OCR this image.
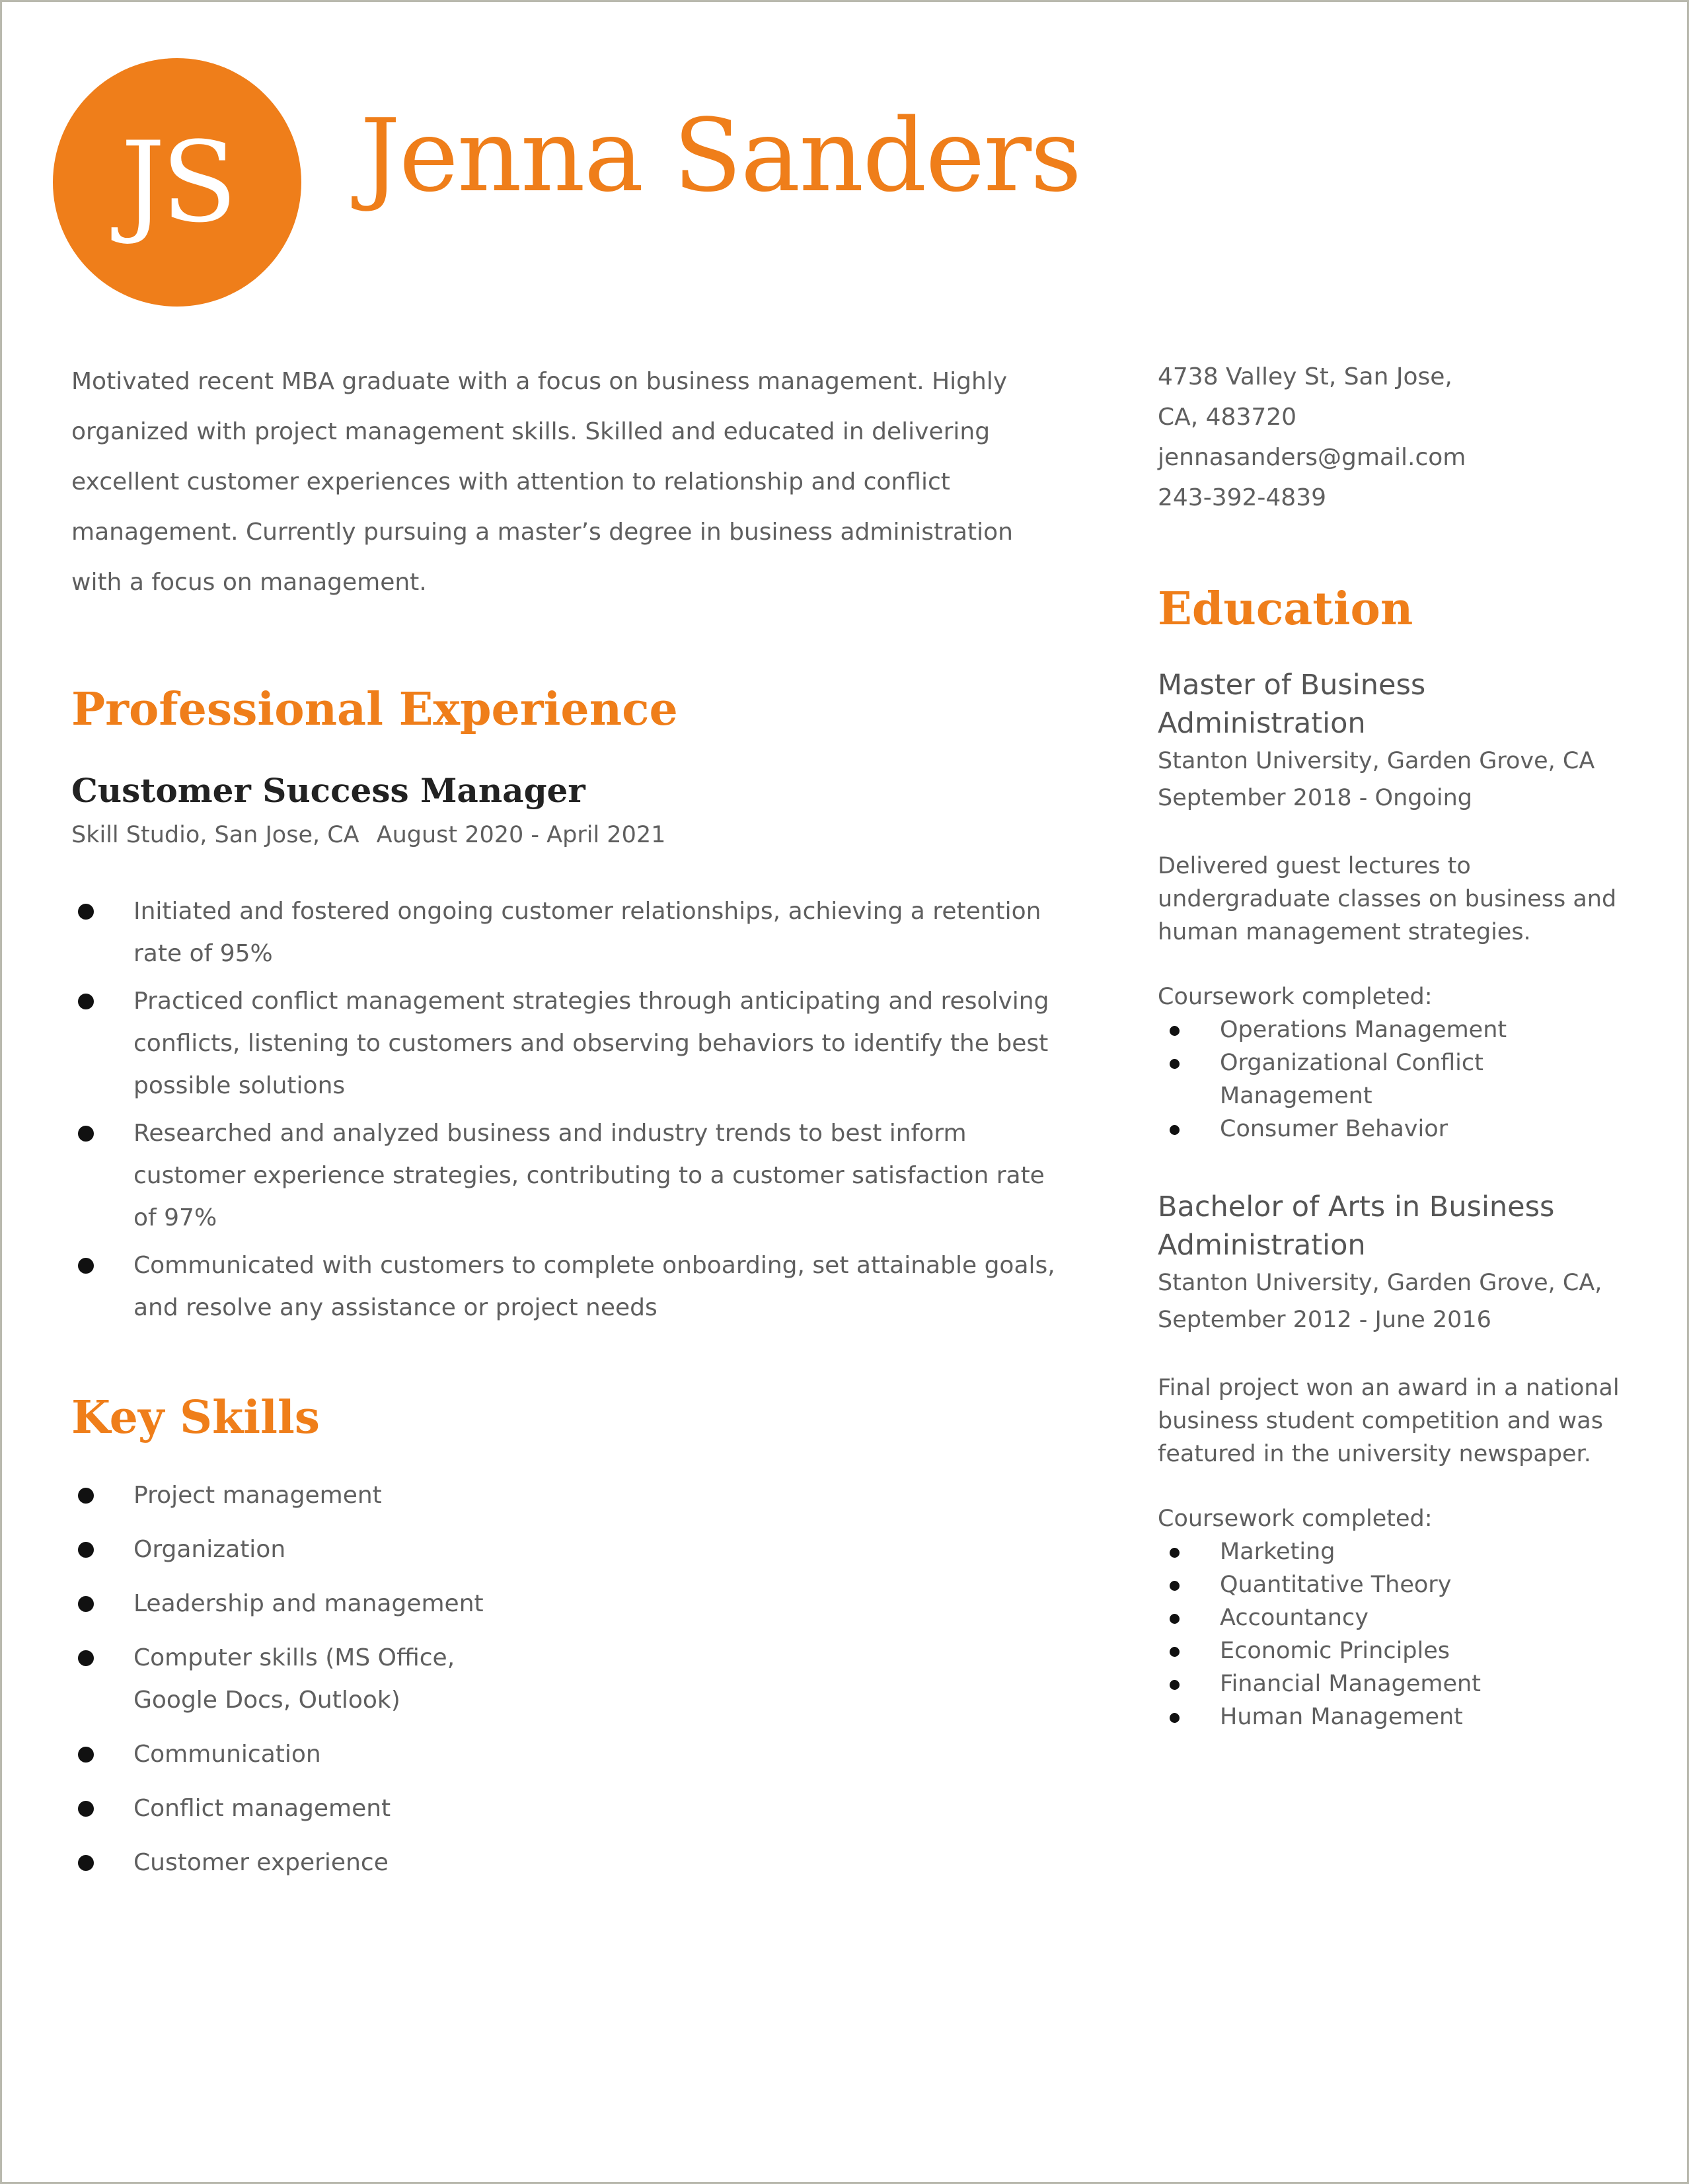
JS Jenna Sanders

Motivated recent MBA graduate with a focus on business management. Highly organized with project management skills. Skilled and educated in delivering excellent customer experiences with attention to relationship and conflict management. Currently pursuing a master’s degree in business administration with a focus on management.

Professional Experience
Customer Success Manager

Skill Studio, San Jose, CA August 2020 - April 2021

Initiated and fostered ongoing customer relationships, achieving a retention rate of 95%
Practiced conflict management strategies through anticipating and resolving conflicts, listening to customers and observing behaviors to identify the best possible solutions
Researched and analyzed business and industry trends to best inform customer experience strategies, contributing to a customer satisfaction rate of 97%
Communicated with customers to complete onboarding, set attainable goals, and resolve any assistance or project needs
Key Skills
Project management
Organization
Leadership and management
Computer skills (MS Office, Google Docs, Outlook)
Communication
Conflict management
Customer experience

4738 Valley St, San Jose,

CA, 483720

jennasanders@gmail.com

243-392-4839

Education

Master of Business Administration

Stanton University, Garden Grove, CA

September 2018 - Ongoing

Delivered guest lectures to undergraduate classes on business and human management strategies.

Coursework completed:

Operations Management
Organizational Conflict Management
Consumer Behavior

Bachelor of Arts in Business Administration

Stanton University, Garden Grove, CA,

September 2012 - June 2016

Final project won an award in a national business student competition and was featured in the university newspaper.

Coursework completed:

Marketing
Quantitative Theory
Accountancy
Economic Principles
Financial Management
Human Management
